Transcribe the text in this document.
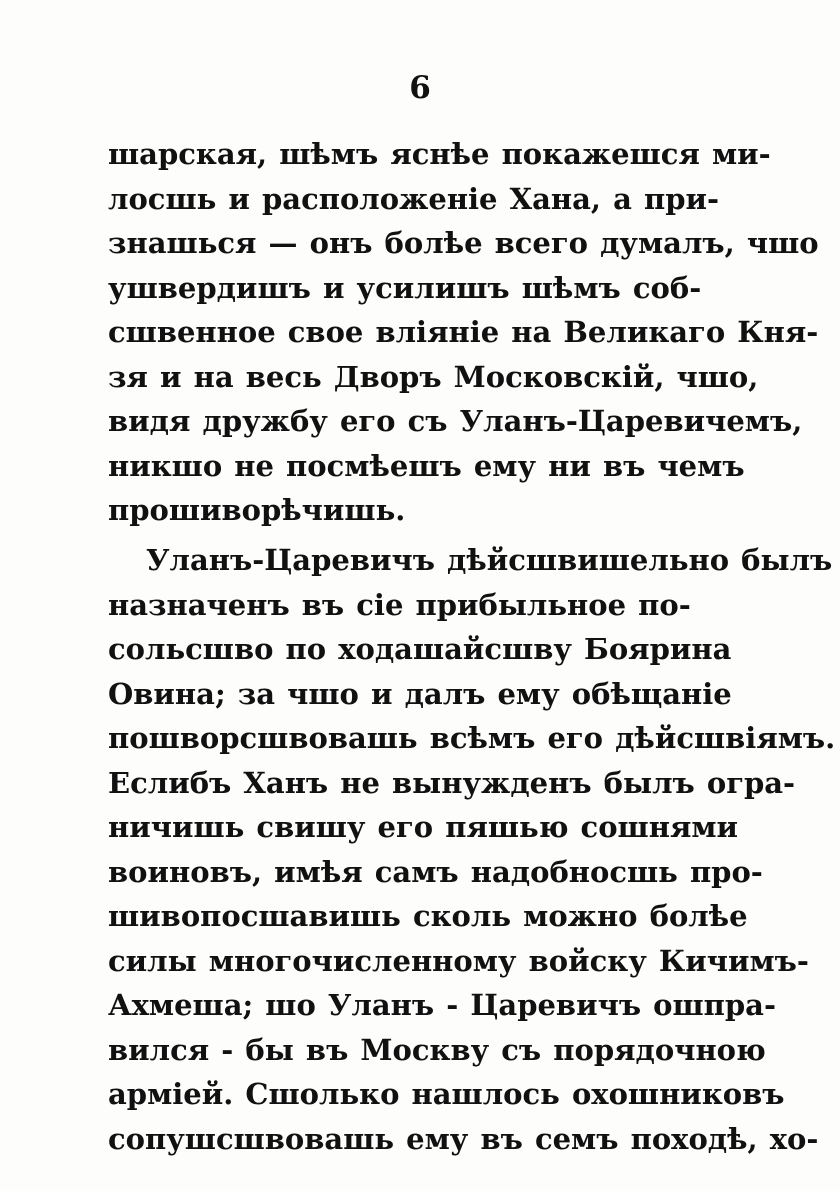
6
шарская, шѣмъ яснѣе покажешся ми-
лосшь и расположеніе Хана, а при-
знашься — онъ болѣе всего думалъ, чшо
ушвердишъ и усилишъ шѣмъ соб-
сшвенное свое вліяніе на Великаго Кня-
зя и на весь Дворъ Московскій, чшо,
видя дружбу его съ Уланъ-Царевичемъ,
никшо не посмѣешъ ему ни въ чемъ
прошиворѣчишь.
Уланъ-Царевичъ дѣйсшвишельно былъ
назначенъ въ сіе прибыльное по-
сольсшво по ходашайсшву Боярина
Овина; за чшо и далъ ему обѣщаніе
пошворсшвовашь всѣмъ его дѣйсшвіямъ.
Еслибъ Ханъ не вынужденъ былъ огра-
ничишь свишу его пяшью сошнями
воиновъ, имѣя самъ надобносшь про-
шивопосшавишь сколь можно болѣе
силы многочисленному войску Кичимъ-
Ахмеша; шо Уланъ - Царевичъ ошпра-
вился - бы въ Москву съ порядочною
арміей. Сшолько нашлось охошниковъ
сопушсшвовашь ему въ семъ походѣ, хо-
